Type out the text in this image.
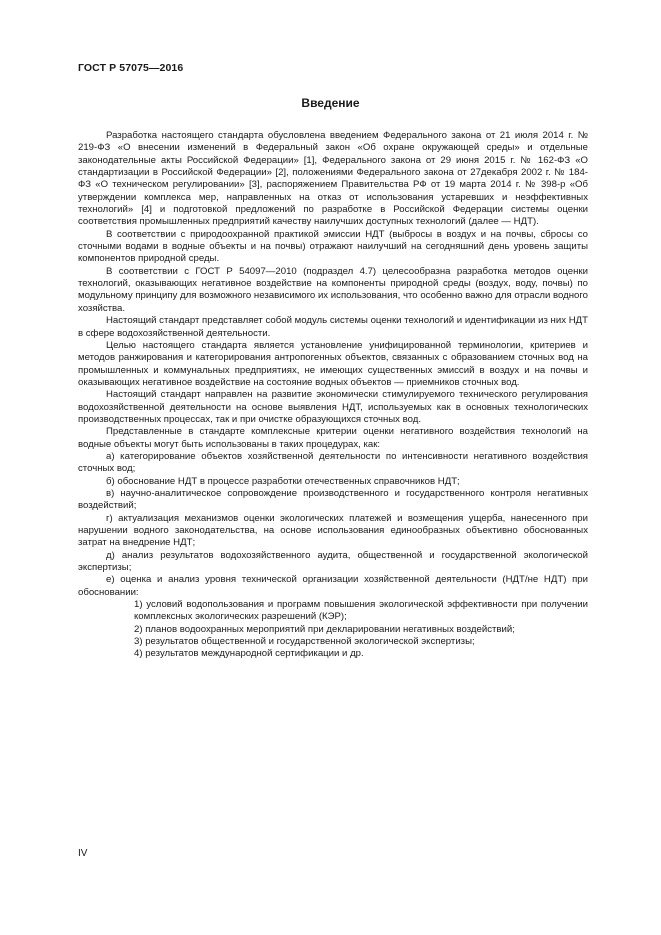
ГОСТ Р 57075—2016
Введение

Разработка настоящего стандарта обусловлена введением Федерального закона от 21 июля 2014 г. № 219-ФЗ «О внесении изменений в Федеральный закон «Об охране окружающей среды» и отдельные законодательные акты Российской Федерации» [1], Федерального закона от 29 июня 2015 г. № 162-ФЗ «О стандартизации в Российской Федерации» [2], положениями Федерального закона от 27декабря 2002 г. № 184-ФЗ «О техническом регулировании» [3], распоряжением Правительства РФ от 19 марта 2014 г. № 398-р «Об утверждении комплекса мер, направленных на отказ от использования устаревших и неэффективных технологий» [4] и подготовкой предложений по разработке в Российской Федерации системы оценки соответствия промышленных предприятий качеству наилучших доступных технологий (далее — НДТ).

В соответствии с природоохранной практикой эмиссии НДТ (выбросы в воздух и на почвы, сбросы со сточными водами в водные объекты и на почвы) отражают наилучший на сегодняшний день уровень защиты компонентов природной среды.

В соответствии с ГОСТ Р 54097—2010 (подраздел 4.7) целесообразна разработка методов оценки технологий, оказывающих негативное воздействие на компоненты природной среды (воздух, воду, почвы) по модульному принципу для возможного независимого их использования, что особенно важно для отрасли водного хозяйства.

Настоящий стандарт представляет собой модуль системы оценки технологий и идентификации из них НДТ в сфере водохозяйственной деятельности.

Целью настоящего стандарта является установление унифицированной терминологии, критериев и методов ранжирования и категорирования антропогенных объектов, связанных с образованием сточных вод на промышленных и коммунальных предприятиях, не имеющих существенных эмиссий в воздух и на почвы и оказывающих негативное воздействие на состояние водных объектов — приемников сточных вод.

Настоящий стандарт направлен на развитие экономически стимулируемого технического регулирования водохозяйственной деятельности на основе выявления НДТ, используемых как в основных технологических производственных процессах, так и при очистке образующихся сточных вод.

Представленные в стандарте комплексные критерии оценки негативного воздействия технологий на водные объекты могут быть использованы в таких процедурах, как:

а) категорирование объектов хозяйственной деятельности по интенсивности негативного воздействия сточных вод;

б) обоснование НДТ в процессе разработки отечественных справочников НДТ;

в) научно-аналитическое сопровождение производственного и государственного контроля негативных воздействий;

г) актуализация механизмов оценки экологических платежей и возмещения ущерба, нанесенного при нарушении водного законодательства, на основе использования единообразных объективно обоснованных затрат на внедрение НДТ;

д) анализ результатов водохозяйственного аудита, общественной и государственной экологической экспертизы;

е) оценка и анализ уровня технической организации хозяйственной деятельности (НДТ/не НДТ) при обосновании:

1) условий водопользования и программ повышения экологической эффективности при получении комплексных экологических разрешений (КЭР);

2) планов водоохранных мероприятий при декларировании негативных воздействий;

3) результатов общественной и государственной экологической экспертизы;

4) результатов международной сертификации и др.

IV
